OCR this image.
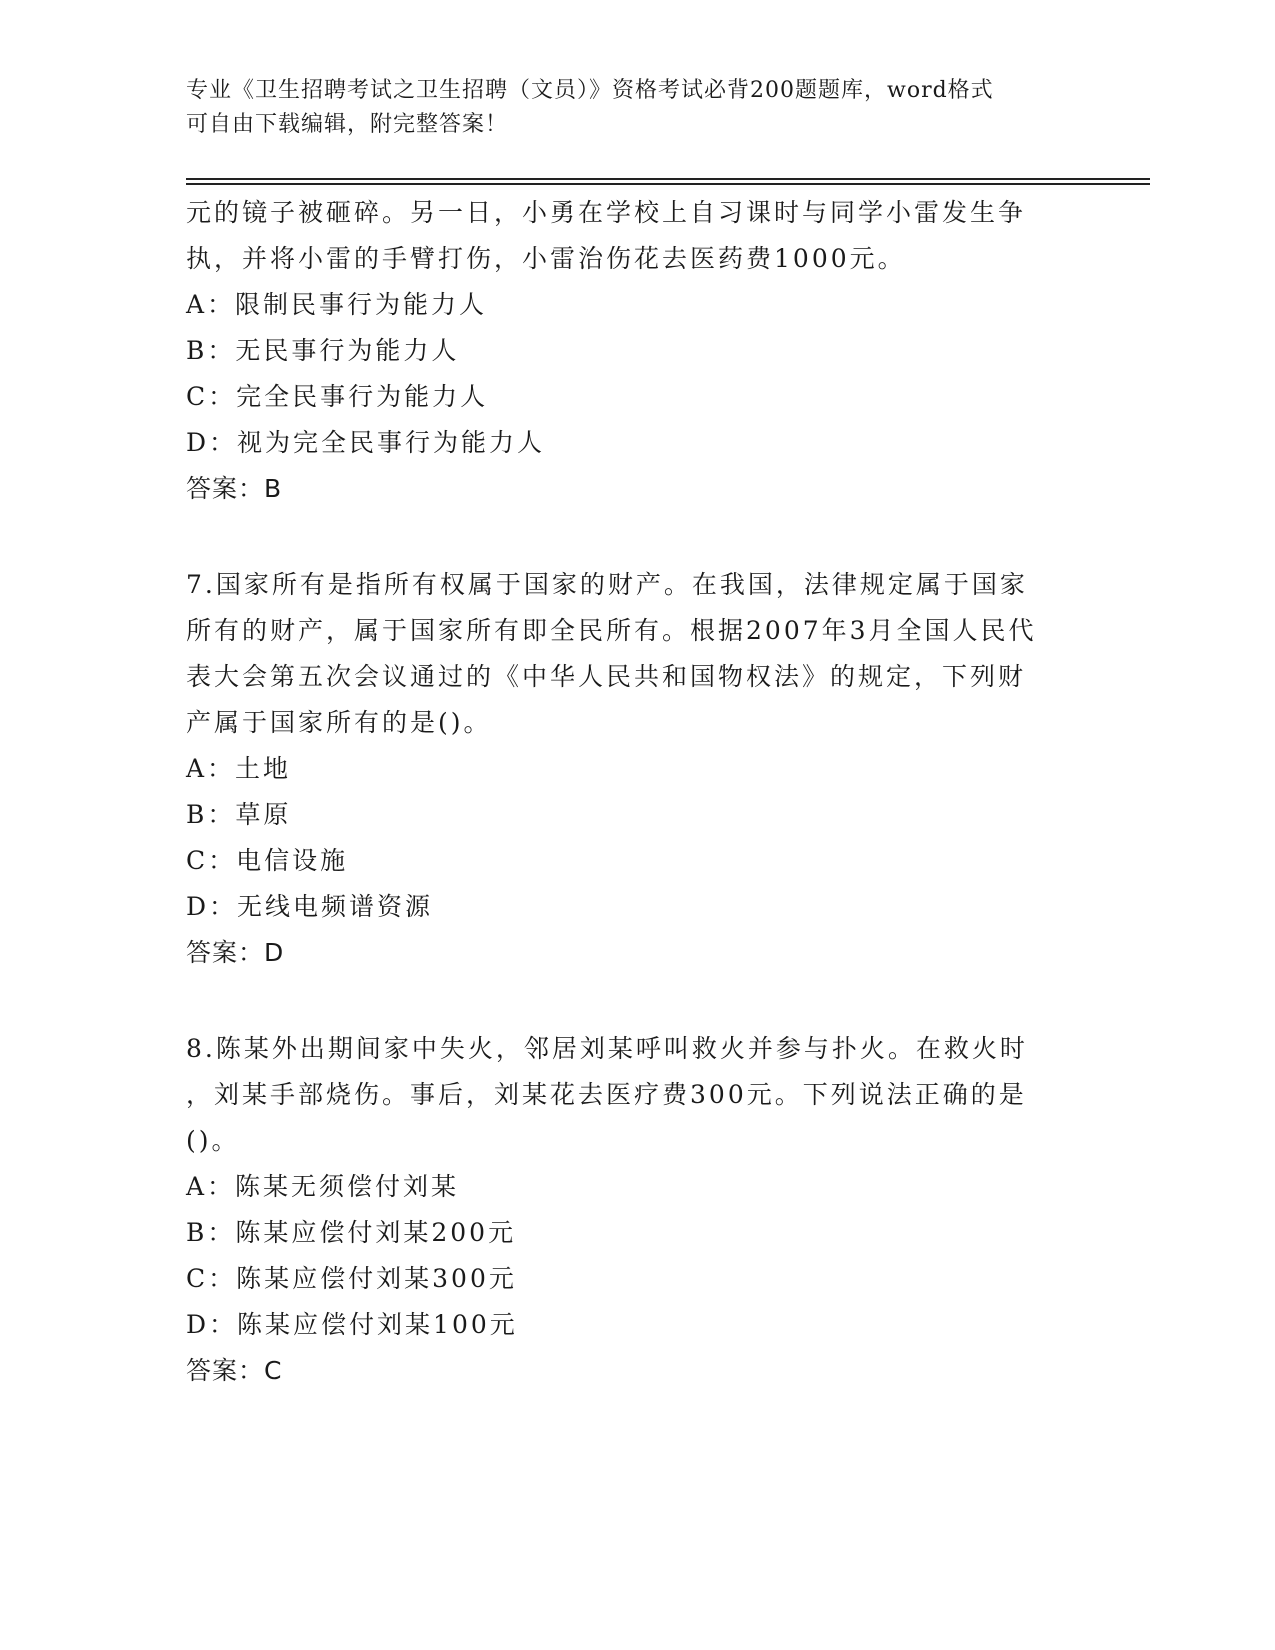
专业《卫生招聘考试之卫生招聘（文员）》资格考试必背200题题库，word格式
可自由下载编辑，附完整答案！
元的镜子被砸碎。另一日，小勇在学校上自习课时与同学小雷发生争
执，并将小雷的手臂打伤，小雷治伤花去医药费1000元。
A：限制民事行为能力人
B：无民事行为能力人
C：完全民事行为能力人
D：视为完全民事行为能力人
答案：B
7.国家所有是指所有权属于国家的财产。在我国，法律规定属于国家
所有的财产，属于国家所有即全民所有。根据2007年3月全国人民代
表大会第五次会议通过的《中华人民共和国物权法》的规定，下列财
产属于国家所有的是()。
A：土地
B：草原
C：电信设施
D：无线电频谱资源
答案：D
8.陈某外出期间家中失火，邻居刘某呼叫救火并参与扑火。在救火时
，刘某手部烧伤。事后，刘某花去医疗费300元。下列说法正确的是
()。
A：陈某无须偿付刘某
B：陈某应偿付刘某200元
C：陈某应偿付刘某300元
D：陈某应偿付刘某100元
答案：C
